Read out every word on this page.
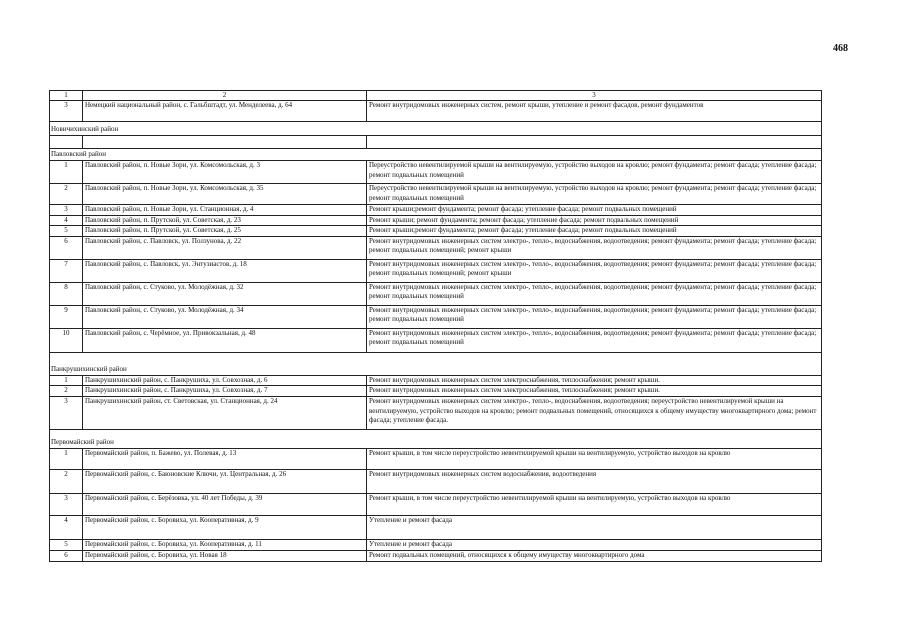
468
1	2	3
3	Немецкий национальный район, с. Гальбштадт, ул. Менделеева, д. 64	Ремонт внутридомовых инженерных систем, ремонт крыши, утепление и ремонт фасадов, ремонт фундаментов
Новичихинский район		

Павловский район		
1	Павловский район, п. Новые Зори, ул. Комсомольская, д. 3	Переустройство невентилируемой крыши на вентилируемую, устройство выходов на кровлю; ремонт фундамента; ремонт фасада; утепление фасада; ремонт подвальных помещений
2	Павловский район, п. Новые Зори, ул. Комсомольская, д. 35	Переустройство невентилируемой крыши на вентилируемую, устройство выходов на кровлю; ремонт фундамента; ремонт фасада; утепление фасада; ремонт подвальных помещений
3	Павловский район, п. Новые Зори, ул. Станционная, д. 4	Ремонт крыши;ремонт фундамента; ремонт фасада; утепление фасада; ремонт подвальных помещений
4	Павловский район, п. Прутской, ул. Советская, д. 23	Ремонт крыши; ремонт фундамента; ремонт фасада; утепление фасада; ремонт подвальных помещений
5	Павловский район, п. Прутской, ул. Советская, д. 25	Ремонт крыши;ремонт фундамента; ремонт фасада; утепление фасада; ремонт подвальных помещений
6	Павловский район, с. Павловск, ул. Ползунова, д. 22	Ремонт внутридомовых инженерных систем электро-, тепло-, водоснабжения, водоотведения; ремонт фундамента; ремонт фасада; утепление фасада; ремонт подвальных помещений; ремонт крыши
7	Павловский район, с. Павловск, ул. Энтузиастов, д. 18	Ремонт внутридомовых инженерных систем электро-, тепло-, водоснабжения, водоотведения; ремонт фундамента; ремонт фасада; утепление фасада; ремонт подвальных помещений; ремонт крыши
8	Павловский район, с. Стуково, ул. Молодёжная, д. 32	Ремонт внутридомовых инженерных систем электро-, тепло-, водоснабжения, водоотведения; ремонт фундамента; ремонт фасада; утепление фасада; ремонт подвальных помещений
9	Павловский район, с. Стуково, ул. Молодёжная, д. 34	Ремонт внутридомовых инженерных систем электро-, тепло-, водоснабжения, водоотведения; ремонт фундамента; ремонт фасада; утепление фасада; ремонт подвальных помещений
10	Павловский район, с. Черёмное, ул. Привокзальная, д. 48	Ремонт внутридомовых инженерных систем электро-, тепло-, водоснабжения, водоотведения; ремонт фундамента; ремонт фасада; утепление фасада; ремонт подвальных помещений
Панкрушихинский район		
1	Панкрушихинский район, с. Панкрушиха, ул. Совхозная, д. 6	Ремонт внутридомовых инженерных систем электроснабжения, теплоснабжения; ремонт крыши.
2	Панкрушихинский район, с. Панкрушиха, ул. Совхозная, д. 7	Ремонт внутридомовых инженерных систем электроснабжения, теплоснабжения; ремонт крыши.
3	Панкрушихинский район, ст. Световская, ул. Станционная, д. 24	Ремонт внутридомовых инженерных систем электро-, тепло-, водоснабжения, водоотведения; переустройство невентилируемой крыши на вентилируемую, устройство выходов на кровлю; ремонт подвальных помещений, относящихся к общему имуществу многоквартирного дома; ремонт фасада; утепление фасада.
Первомайский район		
1	Первомайский район, п. Бажево, ул. Полевая, д. 13	Ремонт крыши, в том числе переустройство невентилируемой крыши на вентилируемую, устройство выходов на кровлю
2	Первомайский район, с. Баюновские Ключи, ул. Центральная, д. 26	Ремонт внутридомовых инженерных систем водоснабжения, водоотведения
3	Первомайский район, с. Берёзовка, ул. 40 лет Победы, д. 39	Ремонт крыши, в том числе переустройство невентилируемой крыши на вентилируемую, устройство выходов на кровлю
4	Первомайский район, с. Боровиха, ул. Кооперативная, д. 9	Утепление и ремонт фасада
5	Первомайский район, с. Боровиха, ул. Кооперативная, д. 11	Утепление и ремонт фасада
6	Первомайский район, с. Боровиха, ул. Новая 18	Ремонт подвальных помещений, относящихся к общему имуществу многоквартирного дома
